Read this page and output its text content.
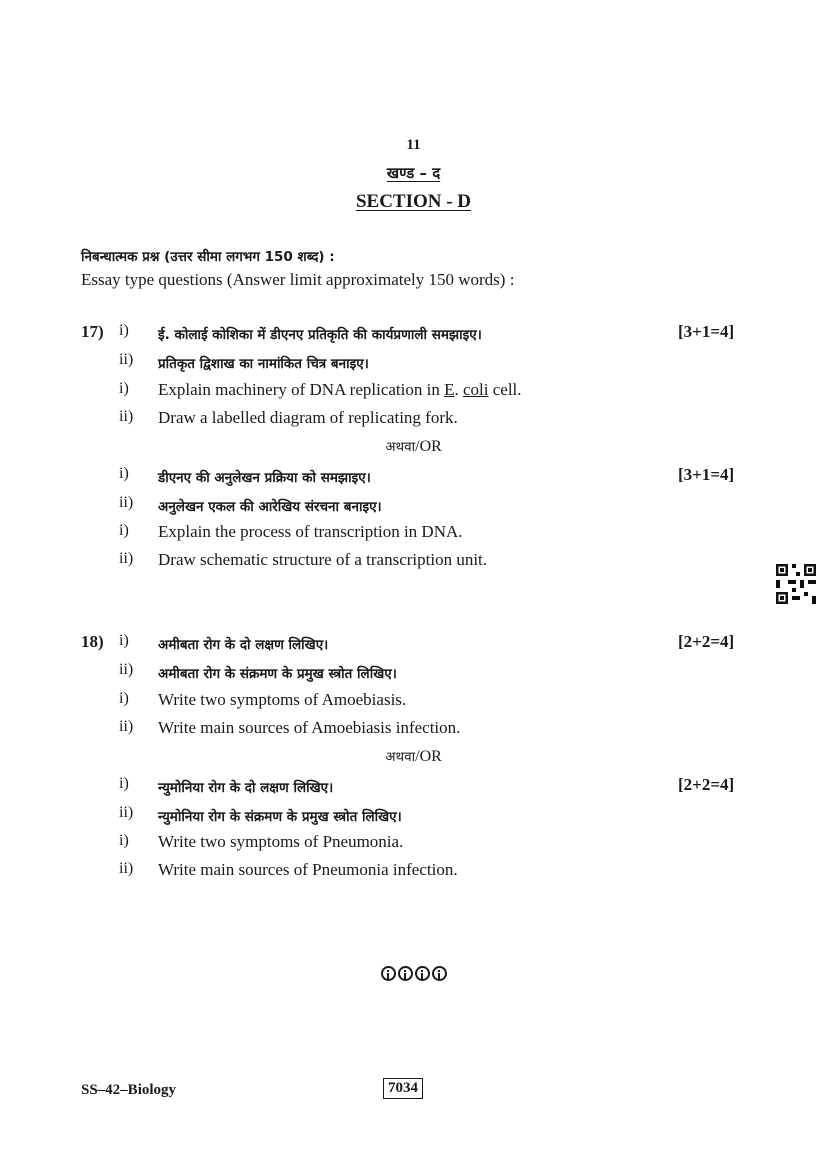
11
खण्ड – द
SECTION - D
निबन्धात्मक प्रश्न (उत्तर सीमा लगभग 150 शब्द) :
Essay type questions (Answer limit approximately 150 words) :
17) i) ई. कोलाई कोशिका में डीएनए प्रतिकृति की कार्यप्रणाली समझाइए।	[3+1=4]
ii) प्रतिकृत द्विशाख का नामांकित चित्र बनाइए।
i) Explain machinery of DNA replication in E. coli cell.
ii) Draw a labelled diagram of replicating fork.
अथवा/OR
i) डीएनए की अनुलेखन प्रक्रिया को समझाइए।	[3+1=4]
ii) अनुलेखन एकल की आरेखिय संरचना बनाइए।
i) Explain the process of transcription in DNA.
ii) Draw schematic structure of a transcription unit.
18) i) अमीबता रोग के दो लक्षण लिखिए।	[2+2=4]
ii) अमीबता रोग के संक्रमण के प्रमुख स्त्रोत लिखिए।
i) Write two symptoms of Amoebiasis.
ii) Write main sources of Amoebiasis infection.
अथवा/OR
i) न्युमोनिया रोग के दो लक्षण लिखिए।	[2+2=4]
ii) न्युमोनिया रोग के संक्रमण के प्रमुख स्त्रोत लिखिए।
i) Write two symptoms of Pneumonia.
ii) Write main sources of Pneumonia infection.
SS–42–Biology	7034
